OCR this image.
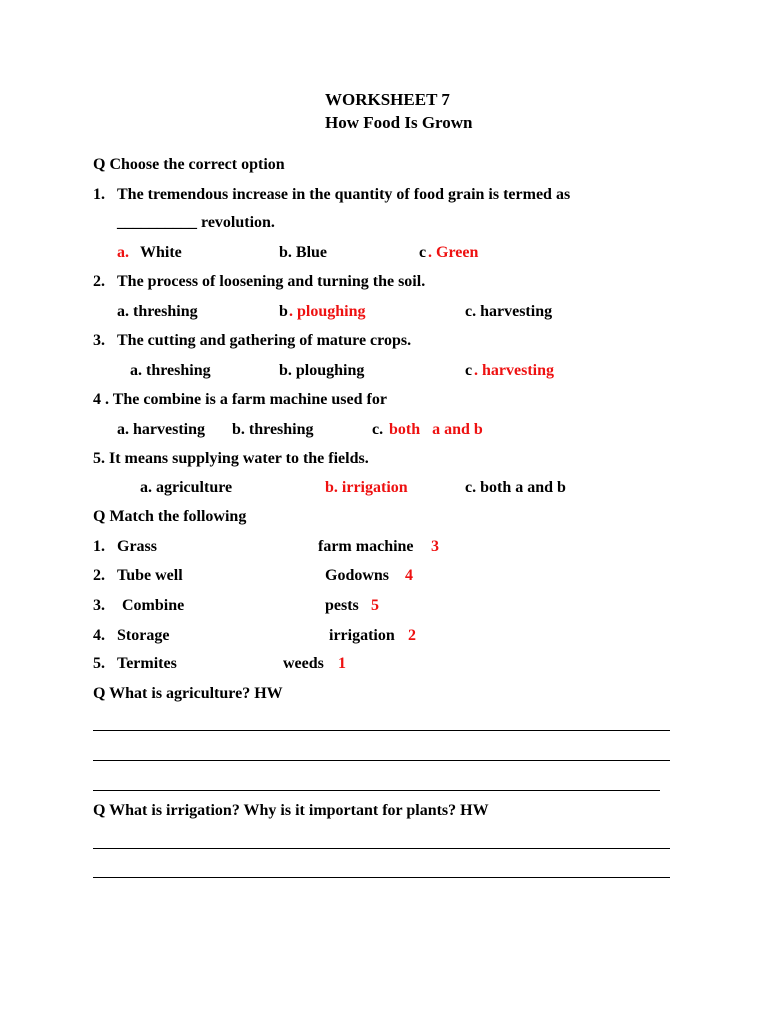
WORKSHEET 7
How Food Is Grown
Q Choose the correct option
1. The tremendous increase in the quantity of food grain is termed as
__________ revolution.
a. White	b. Blue	c . Green
2. The process of loosening and turning the soil.
a. threshing	b . ploughing	c. harvesting
3. The cutting and gathering of mature crops.
a. threshing	b. ploughing	c . harvesting
4 . The combine is a farm machine used for
a. harvesting b. threshing	c. both   a and b
5. It means supplying water to the fields.
a. agriculture	b. irrigation	c. both a and b
Q Match the following
1. Grass	farm machine 3
2. Tube well	Godowns 4
3. Combine	pests 5
4. Storage	irrigation 2
5. Termites	weeds 1
Q What is agriculture? HW
Q What is irrigation? Why is it important for plants? HW
